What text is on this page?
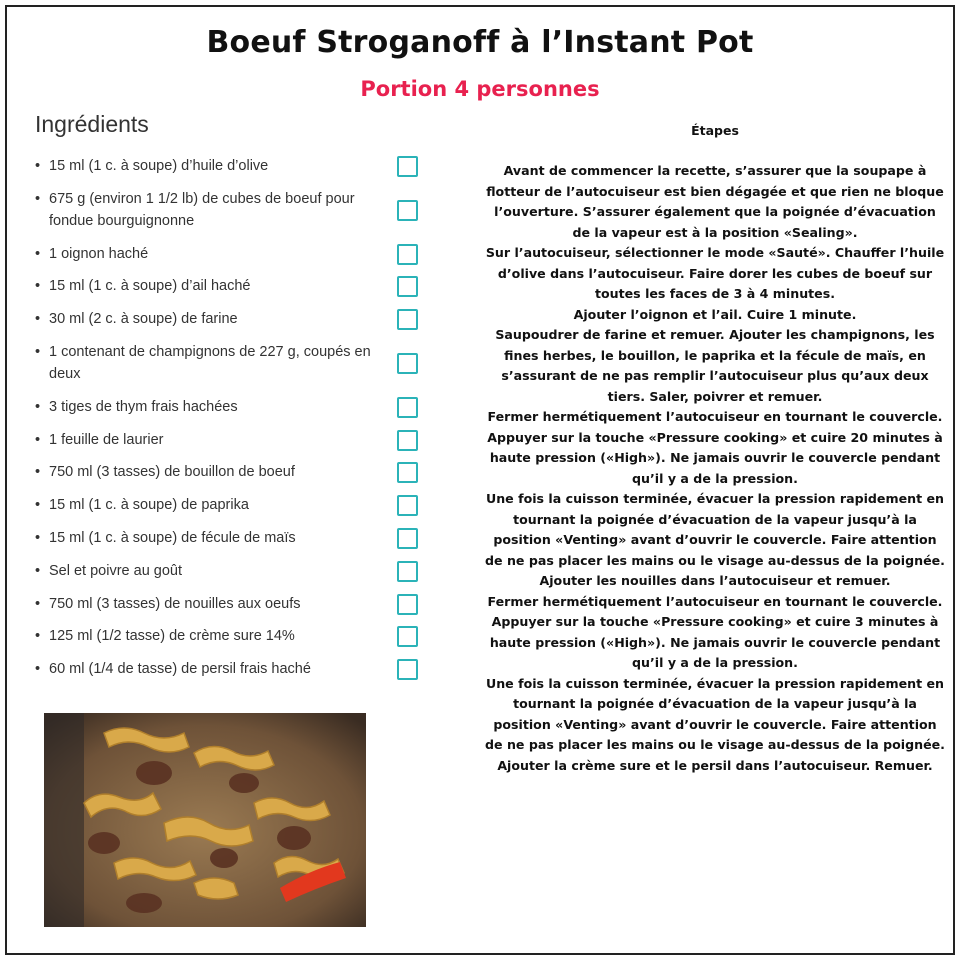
Boeuf Stroganoff à l’Instant Pot
Portion 4 personnes
Ingrédients
• 15 ml (1 c. à soupe) d’huile d’olive
• 675 g (environ 1 1/2 lb) de cubes de boeuf pour fondue bourguignonne
• 1 oignon haché
• 15 ml (1 c. à soupe) d’ail haché
• 30 ml (2 c. à soupe) de farine
• 1 contenant de champignons de 227 g, coupés en deux
• 3 tiges de thym frais hachées
• 1 feuille de laurier
• 750 ml (3 tasses) de bouillon de boeuf
• 15 ml (1 c. à soupe) de paprika
• 15 ml (1 c. à soupe) de fécule de maïs
• Sel et poivre au goût
• 750 ml (3 tasses) de nouilles aux oeufs
• 125 ml (1/2 tasse) de crème sure 14%
• 60 ml (1/4 de tasse) de persil frais haché
Étapes

Avant de commencer la recette, s’assurer que la soupape à flotteur de l’autocuiseur est bien dégagée et que rien ne bloque l’ouverture. S’assurer également que la poignée d’évacuation de la vapeur est à la position «Sealing».

Sur l’autocuiseur, sélectionner le mode «Sauté». Chauffer l’huile d’olive dans l’autocuiseur. Faire dorer les cubes de boeuf sur toutes les faces de 3 à 4 minutes.

Ajouter l’oignon et l’ail. Cuire 1 minute.

Saupoudrer de farine et remuer. Ajouter les champignons, les fines herbes, le bouillon, le paprika et la fécule de maïs, en s’assurant de ne pas remplir l’autocuiseur plus qu’aux deux tiers. Saler, poivrer et remuer.

Fermer hermétiquement l’autocuiseur en tournant le couvercle.

Appuyer sur la touche «Pressure cooking» et cuire 20 minutes à haute pression («High»). Ne jamais ouvrir le couvercle pendant qu’il y a de la pression.

Une fois la cuisson terminée, évacuer la pression rapidement en tournant la poignée d’évacuation de la vapeur jusqu’à la position «Venting» avant d’ouvrir le couvercle. Faire attention de ne pas placer les mains ou le visage au-dessus de la poignée.

Ajouter les nouilles dans l’autocuiseur et remuer.

Fermer hermétiquement l’autocuiseur en tournant le couvercle.

Appuyer sur la touche «Pressure cooking» et cuire 3 minutes à haute pression («High»). Ne jamais ouvrir le couvercle pendant qu’il y a de la pression.

Une fois la cuisson terminée, évacuer la pression rapidement en tournant la poignée d’évacuation de la vapeur jusqu’à la position «Venting» avant d’ouvrir le couvercle. Faire attention de ne pas placer les mains ou le visage au-dessus de la poignée.

Ajouter la crème sure et le persil dans l’autocuiseur. Remuer.
